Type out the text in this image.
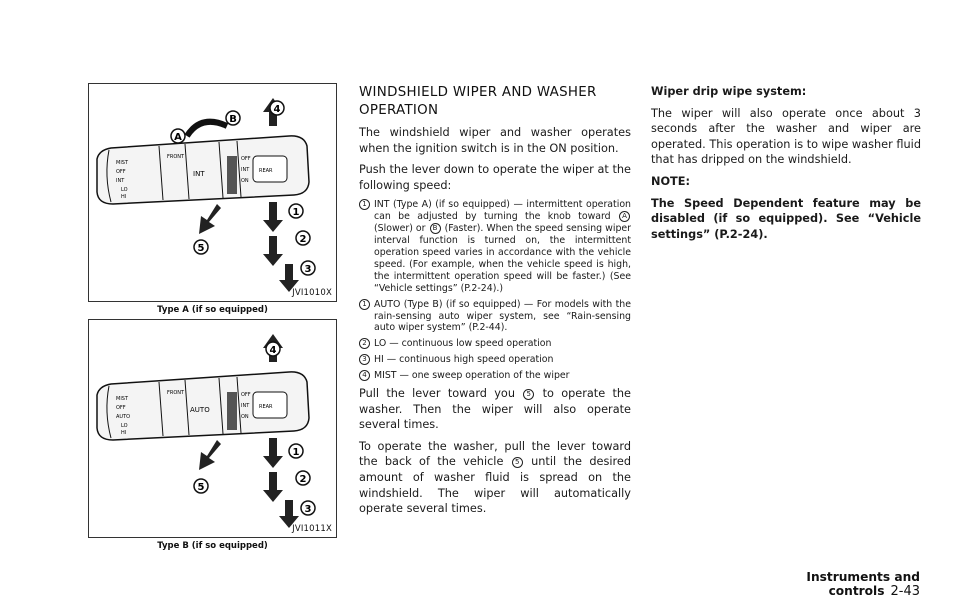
MIST
OFF
INT
LO
HI
FRONT
INT
OFF
INT
ON
REAR
A
B
1
2
3
4
5
JVI1010X
Type A (if so equipped)
MIST
OFF
AUTO
LO
HI
FRONT
AUTO
OFF
INT
ON
REAR
1
2
3
4
5
JVI1011X
Type B (if so equipped)
WINDSHIELD WIPER AND WASHER OPERATION

The windshield wiper and washer operates when the ignition switch is in the ON position.

Push the lever down to operate the wiper at the following speed:

1 INT (Type A) (if so equipped) — intermittent operation can be adjusted by turning the knob toward A (Slower) or B (Faster). When the speed sensing wiper interval function is turned on, the intermittent operation speed varies in accordance with the vehicle speed. (For example, when the vehicle speed is high, the intermittent operation speed will be faster.) (See “Vehicle settings” (P.2-24).)
1 AUTO (Type B) (if so equipped) — For models with the rain-sensing auto wiper system, see “Rain-sensing auto wiper system” (P.2-44).
2 LO — continuous low speed operation
3 HI — continuous high speed operation
4 MIST — one sweep operation of the wiper

Pull the lever toward you 5 to operate the washer. Then the wiper will also operate several times.

To operate the washer, pull the lever toward the back of the vehicle 5 until the desired amount of washer fluid is spread on the windshield. The wiper will automatically operate several times.

Wiper drip wipe system:

The wiper will also operate once about 3 seconds after the washer and wiper are operated. This operation is to wipe washer fluid that has dripped on the windshield.

NOTE:

The Speed Dependent feature may be disabled (if so equipped). See “Vehicle settings” (P.2-24).

Instruments and controls 2-43
